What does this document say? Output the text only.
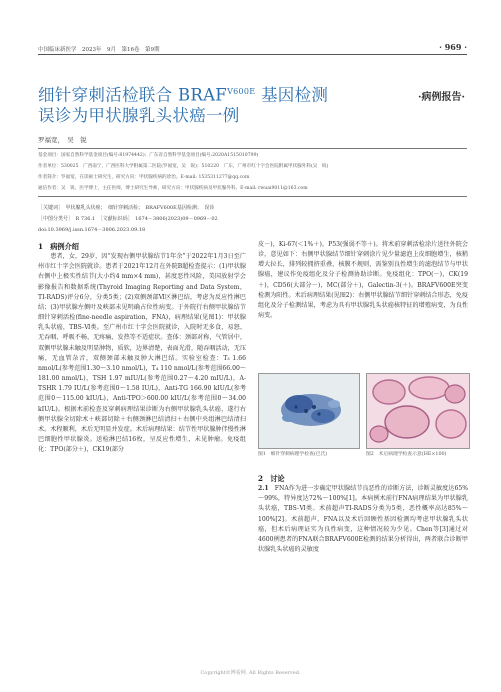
中国临床新医学　2023年　9月　第16卷　第9期	· 969 ·
细针穿刺活检联合 $BRAF^{V600E}$ 基因检测
误诊为甲状腺乳头状癌一例
·病例报告·
罗福宽，　吴　锐
基金项目：国家自然科学基金项目(编号:81974442)；广东省自然科学基金项目(编号:2020A1515010799)
作者单位：530025　广西南宁，广西医科大学附属第二医院(罗福宽，吴　锐)；510220　广东，广州市红十字会医院附属甲状腺外科(吴　锐)
作者简介：罗福宽，在读硕士研究生，研究方向：甲状腺疾病的诊治。E-mail: 1535311277@qq.com
通信作者：吴　锐，医学博士，主任医师，博士研究生导师，研究方向：甲状腺疾病及甲状腺外科。E-mail: rwuai9011@163.com
［关键词］　甲状腺乳头状癌；　细针穿刺活检；　BRAFV600E基因检测；　误诊
［中图分类号］　R 736.1　［文献标识码］　1674－3806(2023)09－0969－02
doi:10.3969/j.issn.1674－3806.2023.09.18
1　病例介绍

　　患者，女，29岁，因“发现右侧甲状腺结节1年余”于2022年1月3日至广州市红十字会医院就诊。患者于2021年12月在外院B超检查提示：(1)甲状腺右侧中上极实性结节(大小约4 mm×4 mm)，甚度恶性风险，美国放射学会影像报告和数据系统(Thyroid Imaging Reporting and Data System，TI-RADS)评分6分，分类5类；(2)双侧颈部Ⅵ区淋巴结，考虑为反应性淋巴结；(3)甲状腺左侧叶及峡部未见明确占位性病变。于外院行右侧甲状腺结节细针穿刺活检(fine-needle aspiration，FNA)，病理结果(见图1)：甲状腺乳头状癌，TBS-Ⅵ类。至广州市红十字会医院就诊，入院时无多食、易怒、无吞咽、呼吸不畅、无疼痛、发热等不适症状。查体：颈部对称，气管居中，双侧甲状腺未触及明显肿物，质软，边界清楚，表面光滑，随吞咽活动，无压痛，无血管杂音，双侧颈部未触及肿大淋巴结。实验室检查：T₃ 1.66 nmol/L(参考范围1.30～3.10 nmol/L)，T₄ 110 nmol/L(参考范围66.00～181.00 nmol/L)，TSH 1.97 mIU/L(参考范围0.27～4.20 mIU/L)，A-TSHR 1.79 IU/L(参考范围0～1.58 IU/L)，Anti-TG 166.90 kIU/L(参考范围0～115.00 kIU/L)，Anti-TPO＞600.00 kIU/L(参考范围0～34.00 kIU/L)。根据术前检查及穿刺病理结果诊断为右侧甲状腺乳头状癌，遂行右侧甲状腺全切除术＋峡部切除＋右侧颈淋巴结清扫＋右侧中央组淋巴结清扫术。术程顺利，术后无明显并发症。术后病理结果：结节性甲状腺肿伴慢性淋巴细胞性甲状腺炎。送检淋巴结16枚，呈反应性增生，未见肿瘤。免疫组化：TPO(部分＋)，CK19(部分

皮－)，Ki-67(＜1%＋)，P53(强弱不等＋)。将术前穿刺活检涂片送往外院会诊，意见如下：右侧甲状腺结节细针穿刺涂片见少量滤泡上皮细胞增生，核稍增大拉长，排列较拥挤重叠，核膜不规则，需鉴别良性增生的滤泡结节与甲状腺癌，建议作免疫组化及分子检测协助诊断。免疫组化：TPO(－)，CK(19＋)，CD56(大部分－)，MC(部分＋)，Galectin-3(＋)。BRAFV600E突变检测为阳性。术后病理结果(见图2)：右侧甲状腺结节细针穿刺结合形态，免疫组化及分子检测结果，考虑为具有甲状腺乳头状癌核特征的增殖病变，为良性病变。

图1　细针穿刺病理学检查(巴氏)	图2　术后病理学检查示意(HE×100)
2　讨论

2.1　FNA作为进一步确定甲状腺结节良恶性的诊断方法，诊断灵敏度达65%～99%，特异度达72%～100%[1]。本病例术前行FNA病理结果为甲状腺乳头状癌，TBS-Ⅵ类。术前超声TI-RADS分类为5类，恶性概率高达85%～100%[2]。术前超声、FNA以及术后回顾性基因检测均考虑甲状腺乳头状癌，但术后病理证实为良性病变，这种情况较为少见。Chen等[3]通过对4600例患者的FNA联合BRAFV600E检测的结果分析得出，两者联合诊断甲状腺乳头状癌的灵敏度

Copyright©博看网. All Rights Reserved.
